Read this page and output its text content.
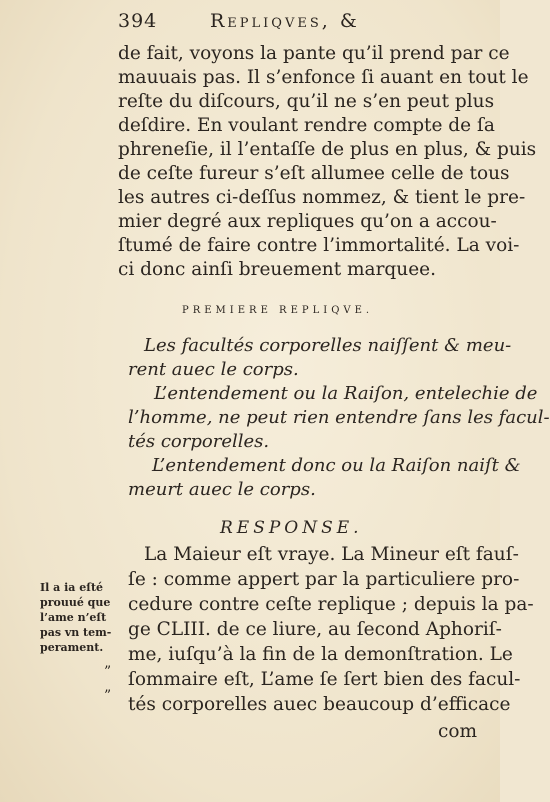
394	Repliqves, &
de fait, voyons la pante qu’il prend par ce
mauuais pas. Il s’enfonce ſi auant en tout le
reſte du diſcours, qu’il ne s’en peut plus
deſdire. En voulant rendre compte de ſa
phreneſie, il l’entaſſe de plus en plus, & puis
de ceſte fureur s’eſt allumee celle de tous
les autres ci-deſſus nommez, & tient le pre-
mier degré aux repliques qu’on a accou-
ſtumé de faire contre l’immortalité. La voi-
ci donc ainſi breuement marquee.
PREMIERE REPLIQVE.
Les facultés corporelles naiſſent & meu-
rent auec le corps.
L’entendement ou la Raiſon, entelechie de
l’homme, ne peut rien entendre ſans les facul-
tés corporelles.
L’entendement donc ou la Raiſon naiſt &
meurt auec le corps.
RESPONSE.
La Maieur eſt vraye. La Mineur eſt fauſ-
ſe : comme appert par la particuliere pro-
cedure contre ceſte replique ; depuis la pa-
ge CLIII. de ce liure, au ſecond Aphoriſ-
me, iuſqu’à la fin de la demonſtration. Le
ſommaire eſt, L’ame ſe ſert bien des facul-
tés corporelles auec beaucoup d’efficace
com
Il a ia eſté
prouué que
l’ame n’eſt
pas vn tem-
perament.
”
”
